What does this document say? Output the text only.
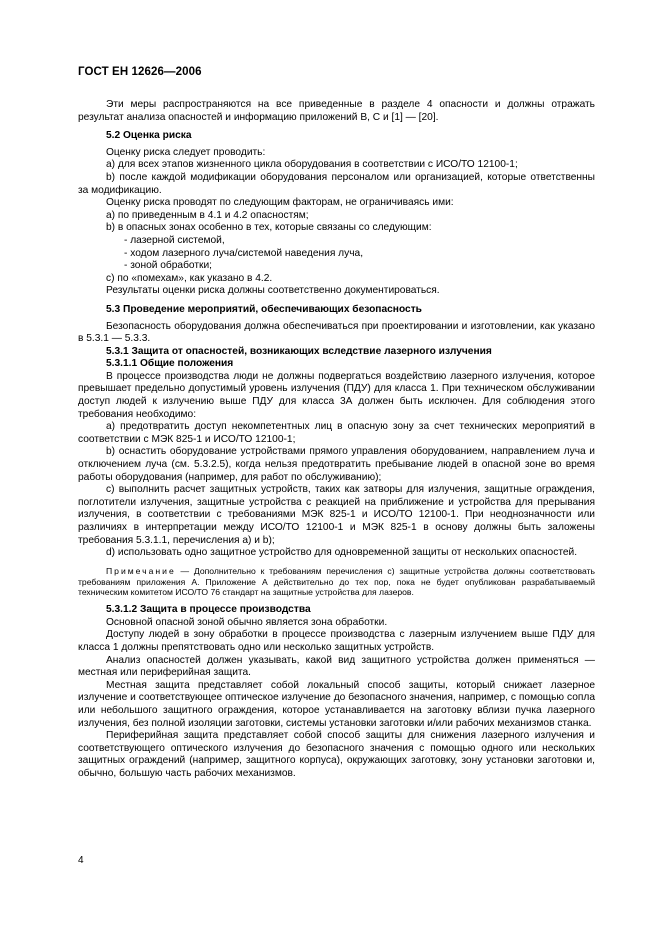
ГОСТ ЕН 12626—2006

Эти меры распространяются на все приведенные в разделе 4 опасности и должны отражать результат анализа опасностей и информацию приложений В, С и [1] — [20].

5.2 Оценка риска

Оценку риска следует проводить:

а) для всех этапов жизненного цикла оборудования в соответствии с ИСО/ТО 12100-1;

b) после каждой модификации оборудования персоналом или организацией, которые ответственны за модификацию.

Оценку риска проводят по следующим факторам, не ограничиваясь ими:

а) по приведенным в 4.1 и 4.2 опасностям;

b) в опасных зонах особенно в тех, которые связаны со следующим:

- лазерной системой,

- ходом лазерного луча/системой наведения луча,

- зоной обработки;

c) по «помехам», как указано в 4.2.

Результаты оценки риска должны соответственно документироваться.

5.3 Проведение мероприятий, обеспечивающих безопасность

Безопасность оборудования должна обеспечиваться при проектировании и изготовлении, как указано в 5.3.1 — 5.3.3.

5.3.1 Защита от опасностей, возникающих вследствие лазерного излучения

5.3.1.1 Общие положения

В процессе производства люди не должны подвергаться воздействию лазерного излучения, которое превышает предельно допустимый уровень излучения (ПДУ) для класса 1. При техническом обслуживании доступ людей к излучению выше ПДУ для класса 3А должен быть исключен. Для соблюдения этого требования необходимо:

а) предотвратить доступ некомпетентных лиц в опасную зону за счет технических мероприятий в соответствии с МЭК 825-1 и ИСО/ТО 12100-1;

b) оснастить оборудование устройствами прямого управления оборудованием, направлением луча и отключением луча (см. 5.3.2.5), когда нельзя предотвратить пребывание людей в опасной зоне во время работы оборудования (например, для работ по обслуживанию);

c) выполнить расчет защитных устройств, таких как затворы для излучения, защитные ограждения, поглотители излучения, защитные устройства с реакцией на приближение и устройства для прерывания излучения, в соответствии с требованиями МЭК 825-1 и ИСО/ТО 12100-1. При неоднозначности или различиях в интерпретации между ИСО/ТО 12100-1 и МЭК 825-1 в основу должны быть заложены требования 5.3.1.1, перечисления а) и b);

d) использовать одно защитное устройство для одновременной защиты от нескольких опасностей.

Примечание — Дополнительно к требованиям перечисления c) защитные устройства должны соответствовать требованиям приложения А. Приложение А действительно до тех пор, пока не будет опубликован разрабатываемый техническим комитетом ИСО/ТО 76 стандарт на защитные устройства для лазеров.

5.3.1.2 Защита в процессе производства

Основной опасной зоной обычно является зона обработки.

Доступу людей в зону обработки в процессе производства с лазерным излучением выше ПДУ для класса 1 должны препятствовать одно или несколько защитных устройств.

Анализ опасностей должен указывать, какой вид защитного устройства должен применяться — местная или периферийная защита.

Местная защита представляет собой локальный способ защиты, который снижает лазерное излучение и соответствующее оптическое излучение до безопасного значения, например, с помощью сопла или небольшого защитного ограждения, которое устанавливается на заготовку вблизи пучка лазерного излучения, без полной изоляции заготовки, системы установки заготовки и/или рабочих механизмов станка.

Периферийная защита представляет собой способ защиты для снижения лазерного излучения и соответствующего оптического излучения до безопасного значения с помощью одного или нескольких защитных ограждений (например, защитного корпуса), окружающих заготовку, зону установки заготовки и, обычно, большую часть рабочих механизмов.

4
